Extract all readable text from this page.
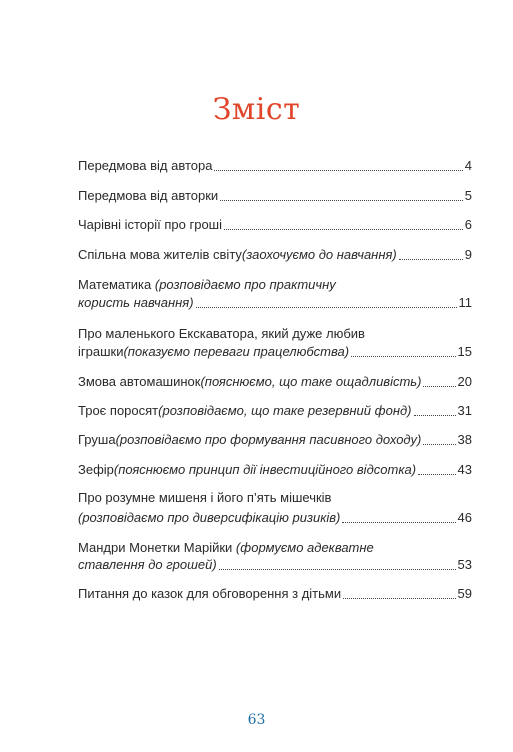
Зміст
Передмова від автора	4
Передмова від авторки	5
Чарівні історії про гроші	6
Спільна мова жителів світу (заохочуємо до навчання)	9
Математика (розповідаємо про практичну
користь навчання)	11
Про маленького Екскаватора, який дуже любив
іграшки (показуємо переваги працелюбства)	15
Змова автомашинок (пояснюємо, що таке ощадливість)	20
Троє поросят (розповідаємо, що таке резервний фонд)	31
Груша (розповідаємо про формування пасивного доходу)	38
Зефір (пояснюємо принцип дії інвестиційного відсотка)	43
Про розумне мишеня і його п’ять мішечків
(розповідаємо про диверсифікацію ризиків)	46
Мандри Монетки Марійки (формуємо адекватне
ставлення до грошей)	53
Питання до казок для обговорення з дітьми	59
63
